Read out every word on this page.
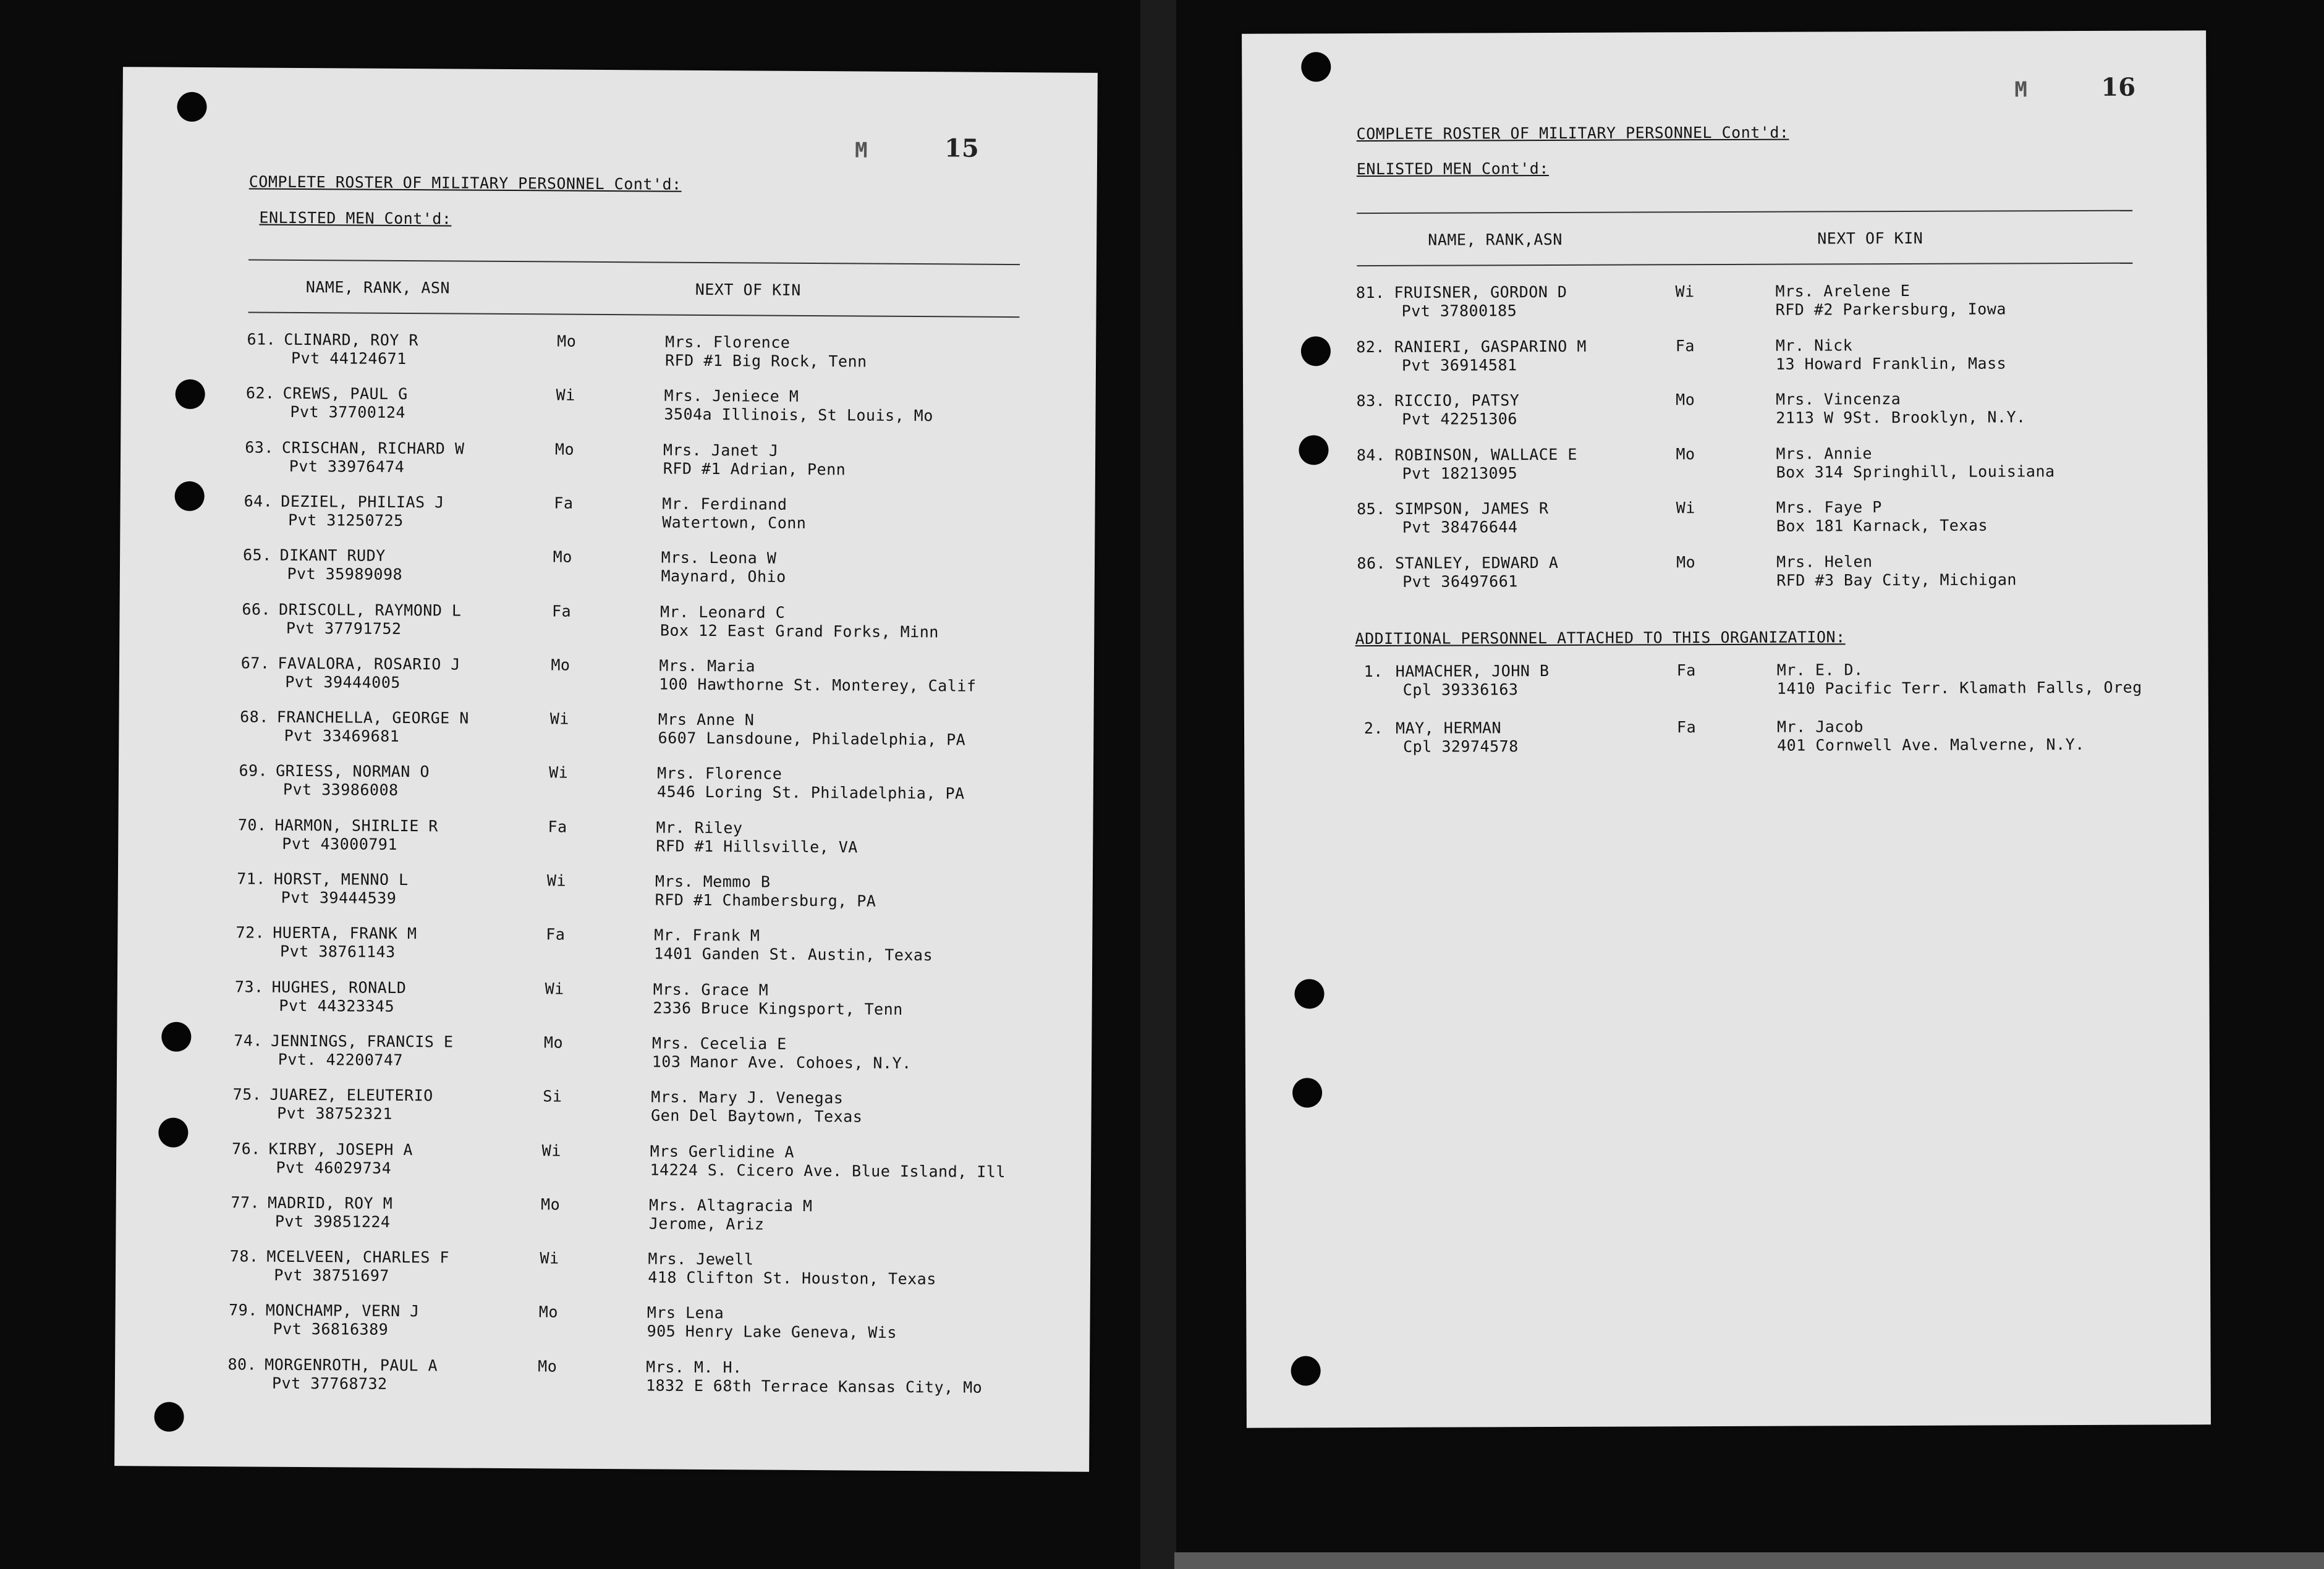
M	15
COMPLETE ROSTER OF MILITARY PERSONNEL Cont'd:
ENLISTED MEN Cont'd:
NAME, RANK, ASN	NEXT OF KIN
61. CLINARD, ROY R
Pvt 44124671
Mo	Mrs. Florence
RFD #1 Big Rock, Tenn
62. CREWS, PAUL G
Pvt 37700124
Wi	Mrs. Jeniece M
3504a Illinois, St Louis, Mo
63. CRISCHAN, RICHARD W
Pvt 33976474
Mo	Mrs. Janet J
RFD #1 Adrian, Penn
64. DEZIEL, PHILIAS J
Pvt 31250725
Fa	Mr. Ferdinand
Watertown, Conn
65. DIKANT RUDY
Pvt 35989098
Mo	Mrs. Leona W
Maynard, Ohio
66. DRISCOLL, RAYMOND L
Pvt 37791752
Fa	Mr. Leonard C
Box 12 East Grand Forks, Minn
67. FAVALORA, ROSARIO J
Pvt 39444005
Mo	Mrs. Maria
100 Hawthorne St. Monterey, Calif
68. FRANCHELLA, GEORGE N
Pvt 33469681
Wi	Mrs Anne N
6607 Lansdoune, Philadelphia, PA
69. GRIESS, NORMAN O
Pvt 33986008
Wi	Mrs. Florence
4546 Loring St. Philadelphia, PA
70. HARMON, SHIRLIE R
Pvt 43000791
Fa	Mr. Riley
RFD #1 Hillsville, VA
71. HORST, MENNO L
Pvt 39444539
Wi	Mrs. Memmo B
RFD #1 Chambersburg, PA
72. HUERTA, FRANK M
Pvt 38761143
Fa	Mr. Frank M
1401 Ganden St. Austin, Texas
73. HUGHES, RONALD
Pvt 44323345
Wi	Mrs. Grace M
2336 Bruce Kingsport, Tenn
74. JENNINGS, FRANCIS E
Pvt. 42200747
Mo	Mrs. Cecelia E
103 Manor Ave. Cohoes, N.Y.
75. JUAREZ, ELEUTERIO
Pvt 38752321
Si	Mrs. Mary J. Venegas
Gen Del Baytown, Texas
76. KIRBY, JOSEPH A
Pvt 46029734
Wi	Mrs Gerlidine A
14224 S. Cicero Ave. Blue Island, Ill
77. MADRID, ROY M
Pvt 39851224
Mo	Mrs. Altagracia M
Jerome, Ariz
78. MCELVEEN, CHARLES F
Pvt 38751697
Wi	Mrs. Jewell
418 Clifton St. Houston, Texas
79. MONCHAMP, VERN J
Pvt 36816389
Mo	Mrs Lena
905 Henry Lake Geneva, Wis
80. MORGENROTH, PAUL A
Pvt 37768732
Mo	Mrs. M. H.
1832 E 68th Terrace Kansas City, Mo
M	16
COMPLETE ROSTER OF MILITARY PERSONNEL Cont'd:
ENLISTED MEN Cont'd:
NAME, RANK,ASN	NEXT OF KIN
81. FRUISNER, GORDON D
Pvt 37800185
Wi	Mrs. Arelene E
RFD #2 Parkersburg, Iowa
82. RANIERI, GASPARINO M
Pvt 36914581
Fa	Mr. Nick
13 Howard Franklin, Mass
83. RICCIO, PATSY
Pvt 42251306
Mo	Mrs. Vincenza
2113 W 9St. Brooklyn, N.Y.
84. ROBINSON, WALLACE E
Pvt 18213095
Mo	Mrs. Annie
Box 314 Springhill, Louisiana
85. SIMPSON, JAMES R
Pvt 38476644
Wi	Mrs. Faye P
Box 181 Karnack, Texas
86. STANLEY, EDWARD A
Pvt 36497661
Mo	Mrs. Helen
RFD #3 Bay City, Michigan
ADDITIONAL PERSONNEL ATTACHED TO THIS ORGANIZATION:
1. HAMACHER, JOHN B
Cpl 39336163
Fa	Mr. E. D.
1410 Pacific Terr. Klamath Falls, Oreg
2. MAY, HERMAN
Cpl 32974578
Fa	Mr. Jacob
401 Cornwell Ave. Malverne, N.Y.
